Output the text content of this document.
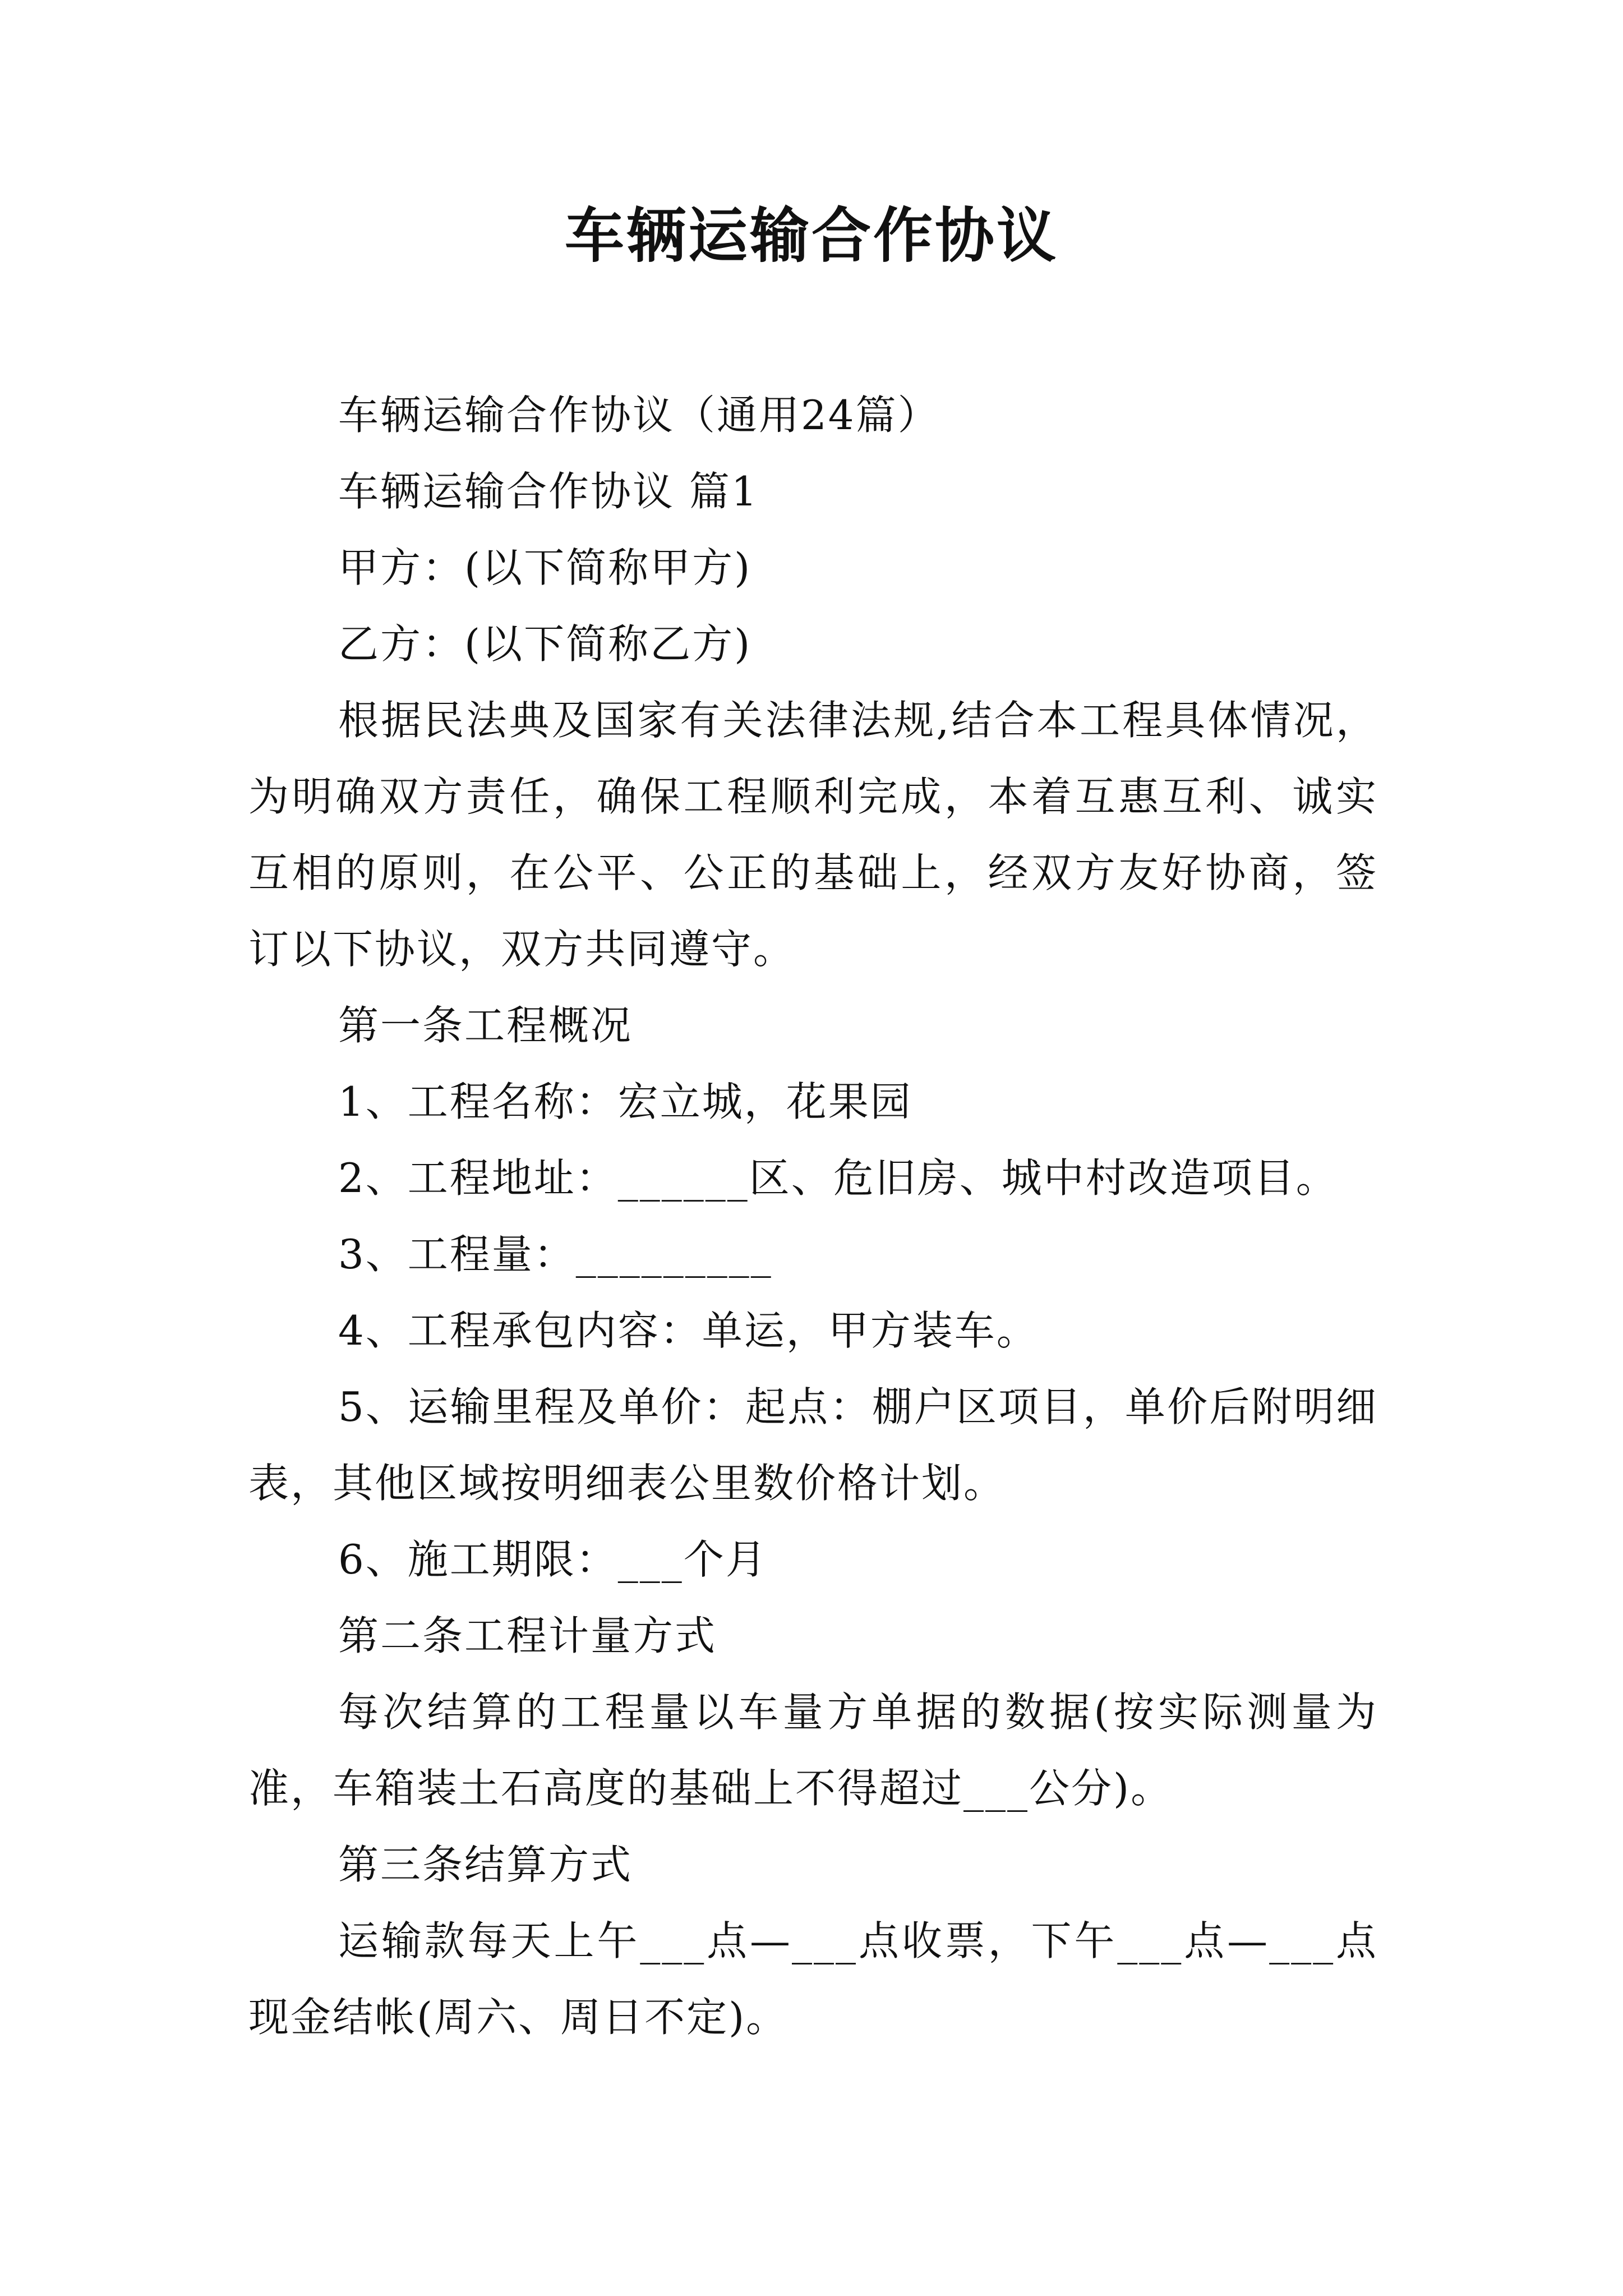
车辆运输合作协议

车辆运输合作协议（通用24篇）

车辆运输合作协议 篇1

甲方：(以下简称甲方)

乙方：(以下简称乙方)

根据民法典及国家有关法律法规,结合本工程具体情况，为明确双方责任，确保工程顺利完成，本着互惠互利、诚实互相的原则，在公平、公正的基础上，经双方友好协商，签订以下协议，双方共同遵守。

第一条工程概况

1、工程名称：宏立城，花果园

2、工程地址：______区、危旧房、城中村改造项目。

3、工程量：_________

4、工程承包内容：单运，甲方装车。

5、运输里程及单价：起点：棚户区项目，单价后附明细表，其他区域按明细表公里数价格计划。

6、施工期限：___个月

第二条工程计量方式

每次结算的工程量以车量方单据的数据(按实际测量为准，车箱装土石高度的基础上不得超过___公分)。

第三条结算方式

运输款每天上午___点—___点收票，下午___点—___点现金结帐(周六、周日不定)。
